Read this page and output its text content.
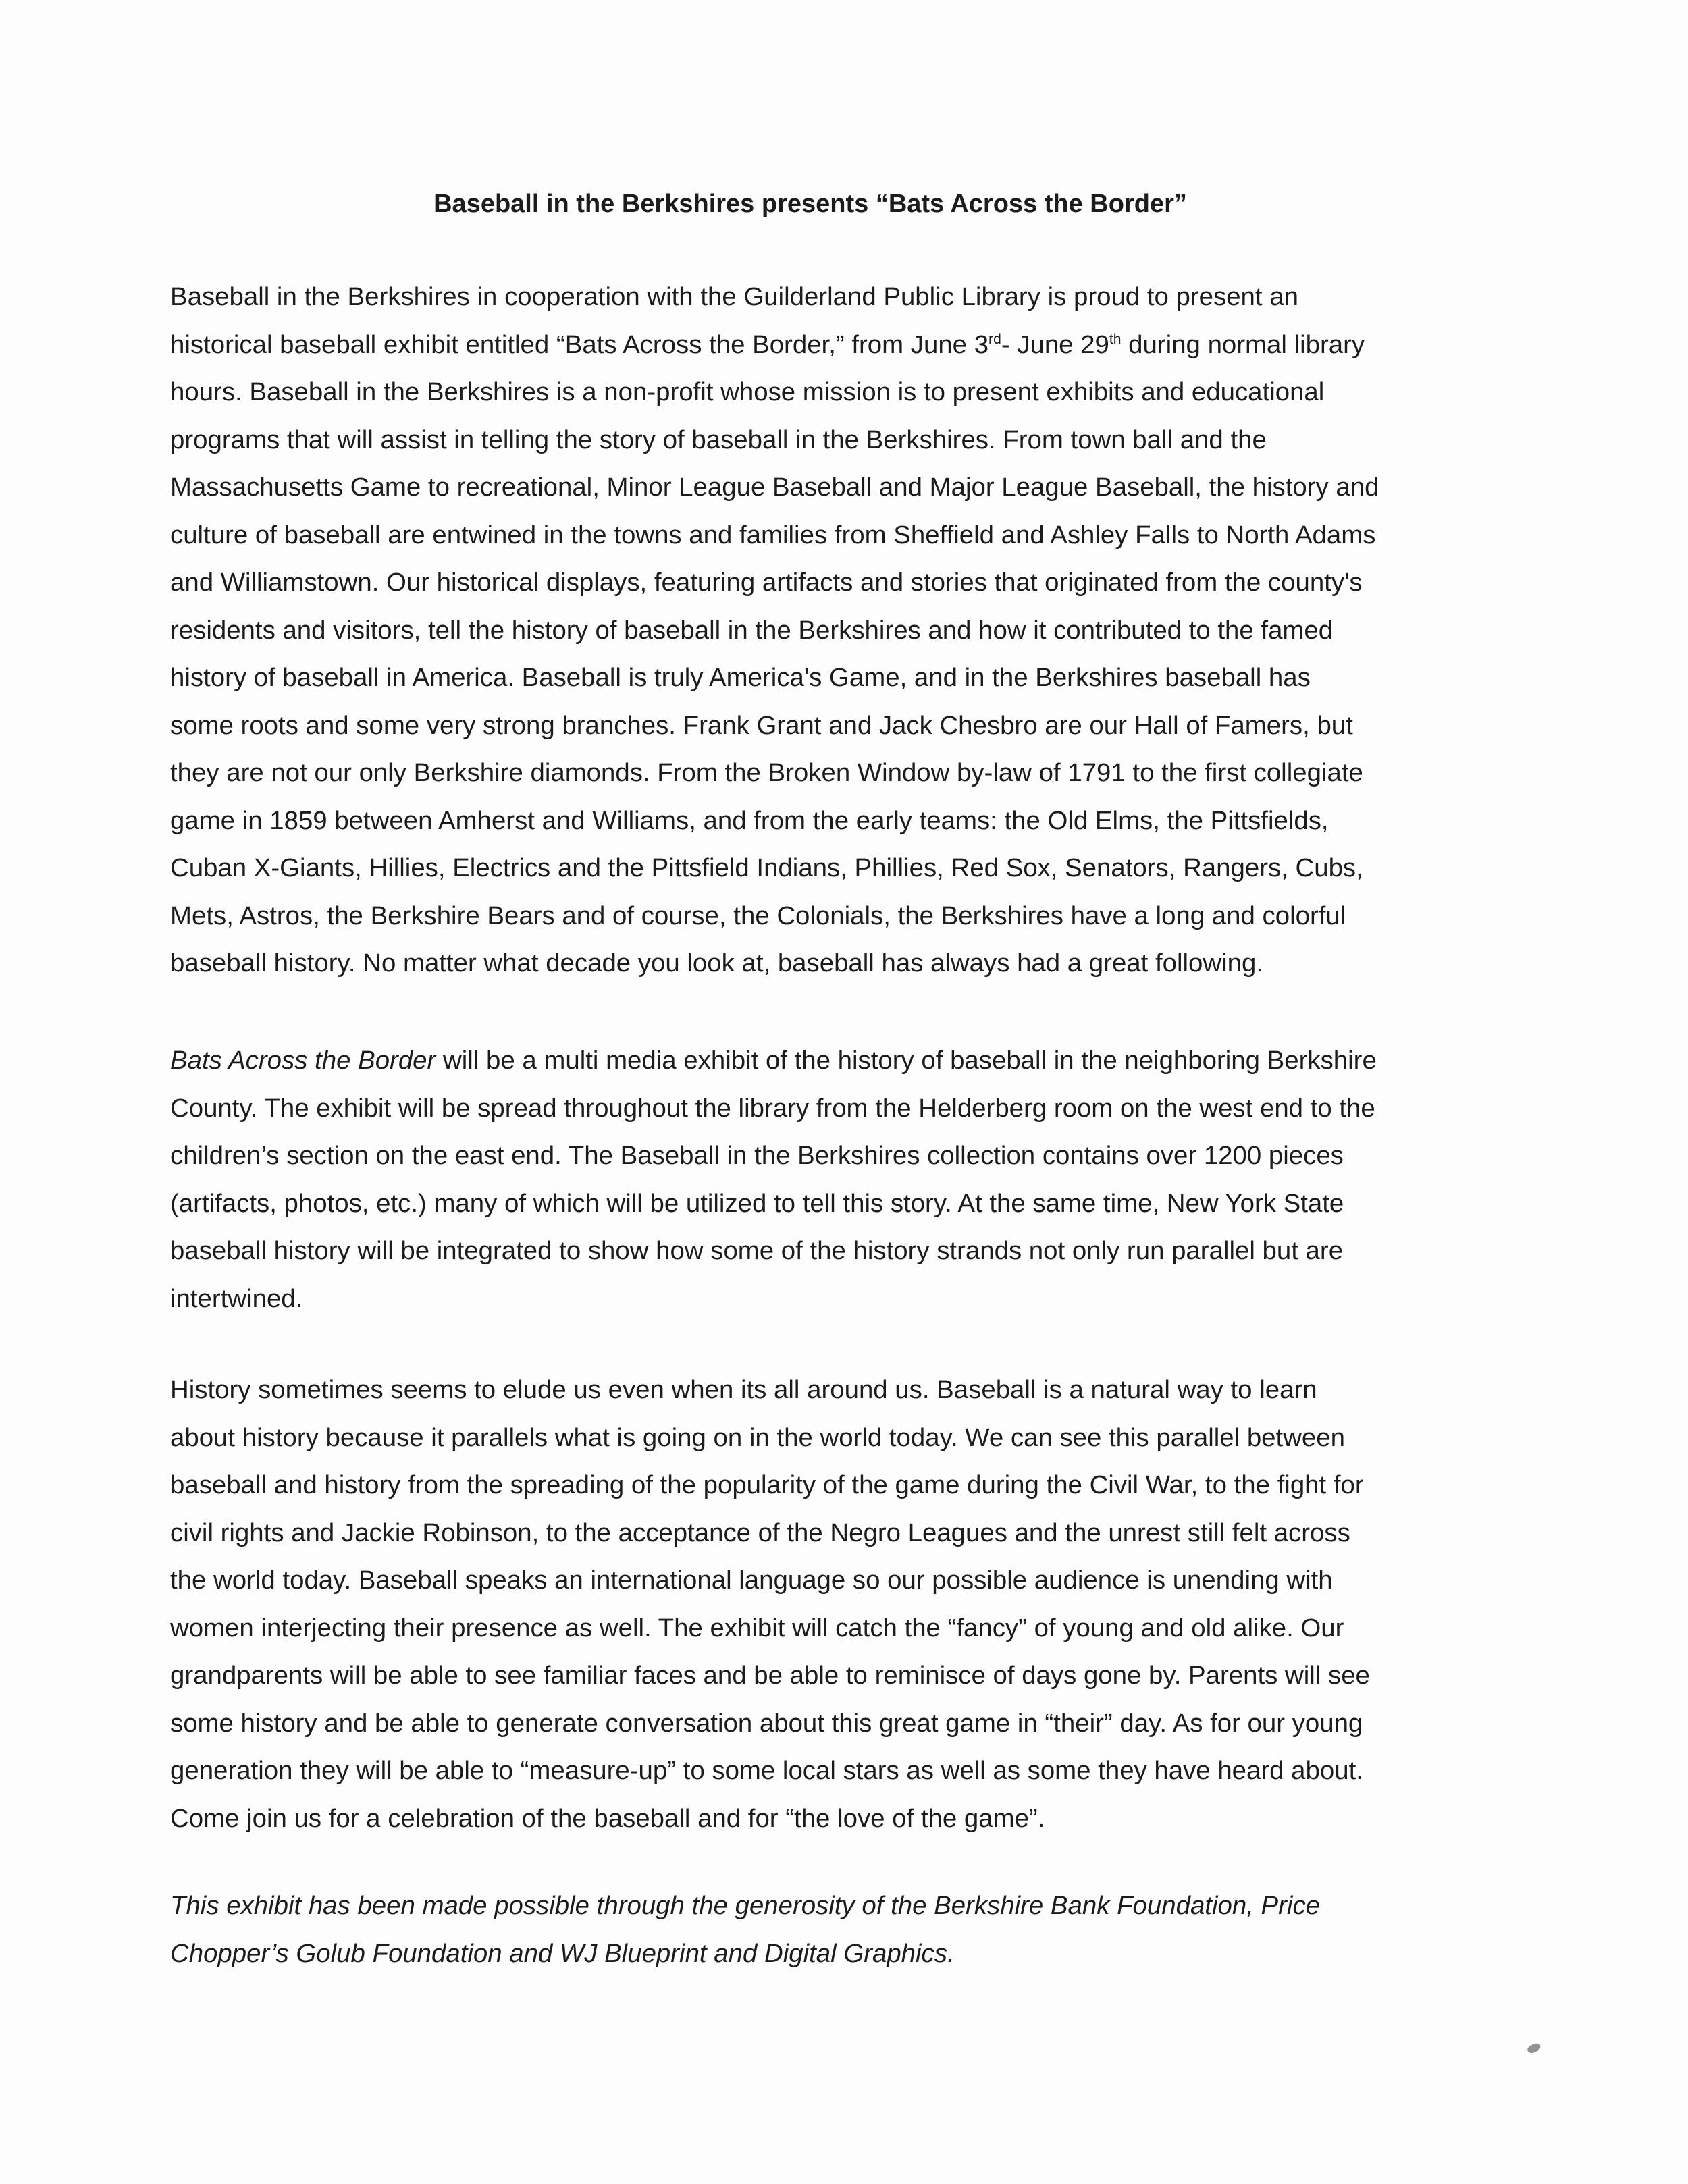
Baseball in the Berkshires presents “Bats Across the Border”

Baseball in the Berkshires in cooperation with the Guilderland Public Library is proud to present an
historical baseball exhibit entitled “Bats Across the Border,” from June 3rd- June 29th during normal library
hours. Baseball in the Berkshires is a non-profit whose mission is to present exhibits and educational
programs that will assist in telling the story of baseball in the Berkshires. From town ball and the
Massachusetts Game to recreational, Minor League Baseball and Major League Baseball, the history and
culture of baseball are entwined in the towns and families from Sheffield and Ashley Falls to North Adams
and Williamstown. Our historical displays, featuring artifacts and stories that originated from the county's
residents and visitors, tell the history of baseball in the Berkshires and how it contributed to the famed
history of baseball in America. Baseball is truly America's Game, and in the Berkshires baseball has
some roots and some very strong branches. Frank Grant and Jack Chesbro are our Hall of Famers, but
they are not our only Berkshire diamonds. From the Broken Window by-law of 1791 to the first collegiate
game in 1859 between Amherst and Williams, and from the early teams: the Old Elms, the Pittsfields,
Cuban X-Giants, Hillies, Electrics and the Pittsfield Indians, Phillies, Red Sox, Senators, Rangers, Cubs,
Mets, Astros, the Berkshire Bears and of course, the Colonials, the Berkshires have a long and colorful
baseball history. No matter what decade you look at, baseball has always had a great following.

Bats Across the Border will be a multi media exhibit of the history of baseball in the neighboring Berkshire
County. The exhibit will be spread throughout the library from the Helderberg room on the west end to the
children’s section on the east end. The Baseball in the Berkshires collection contains over 1200 pieces
(artifacts, photos, etc.) many of which will be utilized to tell this story. At the same time, New York State
baseball history will be integrated to show how some of the history strands not only run parallel but are
intertwined.

History sometimes seems to elude us even when its all around us. Baseball is a natural way to learn
about history because it parallels what is going on in the world today. We can see this parallel between
baseball and history from the spreading of the popularity of the game during the Civil War, to the fight for
civil rights and Jackie Robinson, to the acceptance of the Negro Leagues and the unrest still felt across
the world today. Baseball speaks an international language so our possible audience is unending with
women interjecting their presence as well. The exhibit will catch the “fancy” of young and old alike. Our
grandparents will be able to see familiar faces and be able to reminisce of days gone by. Parents will see
some history and be able to generate conversation about this great game in “their” day. As for our young
generation they will be able to “measure-up” to some local stars as well as some they have heard about.
Come join us for a celebration of the baseball and for “the love of the game”.

This exhibit has been made possible through the generosity of the Berkshire Bank Foundation, Price
Chopper’s Golub Foundation and WJ Blueprint and Digital Graphics.
